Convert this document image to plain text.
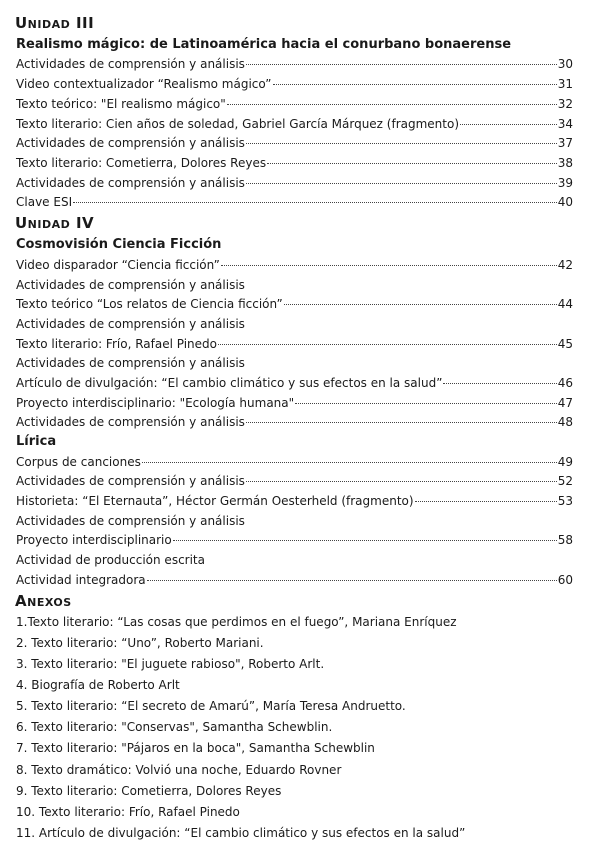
Unidad III
Realismo mágico: de Latinoamérica hacia el conurbano bonaerense
Actividades de comprensión y análisis	30
Video contextualizador “Realismo mágico”	31
Texto teórico: "El realismo mágico"	32
Texto literario: Cien años de soledad, Gabriel García Márquez (fragmento)	34
Actividades de comprensión y análisis	37
Texto literario: Cometierra, Dolores Reyes	38
Actividades de comprensión y análisis	39
Clave ESI	40
Unidad IV
Cosmovisión Ciencia Ficción
Video disparador “Ciencia ficción”	42
Actividades de comprensión y análisis
Texto teórico “Los relatos de Ciencia ficción”	44
Actividades de comprensión y análisis
Texto literario: Frío, Rafael Pinedo	45
Actividades de comprensión y análisis
Artículo de divulgación: “El cambio climático y sus efectos en la salud”	46
Proyecto interdisciplinario: "Ecología humana"	47
Actividades de comprensión y análisis	48
Lírica
Corpus de canciones	49
Actividades de comprensión y análisis	52
Historieta: “El Eternauta”, Héctor Germán Oesterheld (fragmento)	53
Actividades de comprensión y análisis
Proyecto interdisciplinario	58
Actividad de producción escrita
Actividad integradora	60
Anexos
1.Texto literario: “Las cosas que perdimos en el fuego”, Mariana Enríquez
2. Texto literario: “Uno”, Roberto Mariani.
3. Texto literario: "El juguete rabioso", Roberto Arlt.
4. Biografía de Roberto Arlt
5. Texto literario: “El secreto de Amarú”, María Teresa Andruetto.
6. Texto literario: "Conservas", Samantha Schewblin.
7. Texto literario: "Pájaros en la boca", Samantha Schewblin
8. Texto dramático: Volvió una noche, Eduardo Rovner
9. Texto literario: Cometierra, Dolores Reyes
10. Texto literario: Frío, Rafael Pinedo
11. Artículo de divulgación: “El cambio climático y sus efectos en la salud”
